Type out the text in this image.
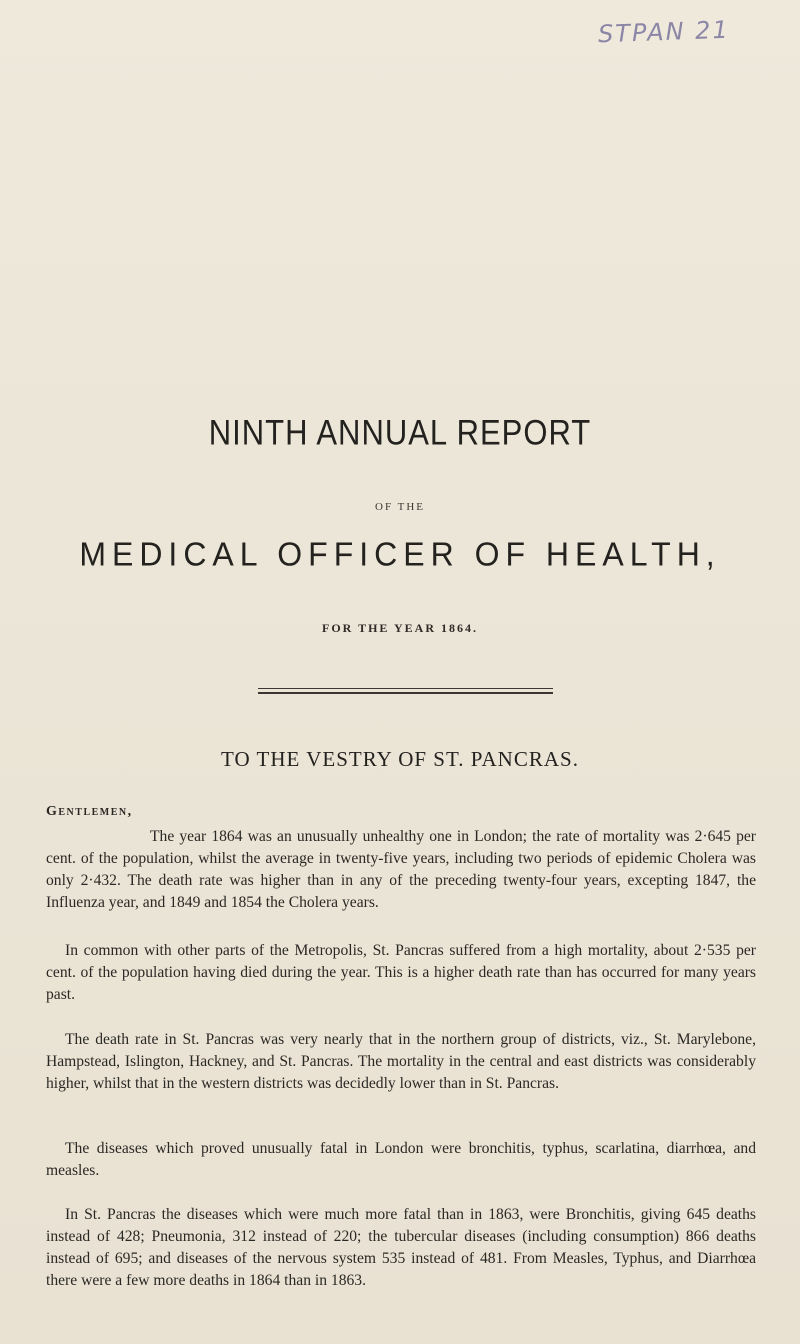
STPAN 21
NINTH ANNUAL REPORT
OF THE
MEDICAL OFFICER OF HEALTH,
FOR THE YEAR 1864.
TO THE VESTRY OF ST. PANCRAS.
Gentlemen,

The year 1864 was an unusually unhealthy one in London; the rate of mortality was 2·645 per cent. of the population, whilst the average in twenty-five years, including two periods of epidemic Cholera was only 2·432. The death rate was higher than in any of the preceding twenty-four years, excepting 1847, the Influenza year, and 1849 and 1854 the Cholera years.

In common with other parts of the Metropolis, St. Pancras suffered from a high mortality, about 2·535 per cent. of the population having died during the year. This is a higher death rate than has occurred for many years past.

The death rate in St. Pancras was very nearly that in the northern group of districts, viz., St. Marylebone, Hampstead, Islington, Hackney, and St. Pancras. The mortality in the central and east districts was considerably higher, whilst that in the western districts was decidedly lower than in St. Pancras.

The diseases which proved unusually fatal in London were bronchitis, typhus, scarlatina, diarrhœa, and measles.

In St. Pancras the diseases which were much more fatal than in 1863, were Bronchitis, giving 645 deaths instead of 428; Pneumonia, 312 instead of 220; the tubercular diseases (including consumption) 866 deaths instead of 695; and diseases of the nervous system 535 instead of 481. From Measles, Typhus, and Diarrhœa there were a few more deaths in 1864 than in 1863.
